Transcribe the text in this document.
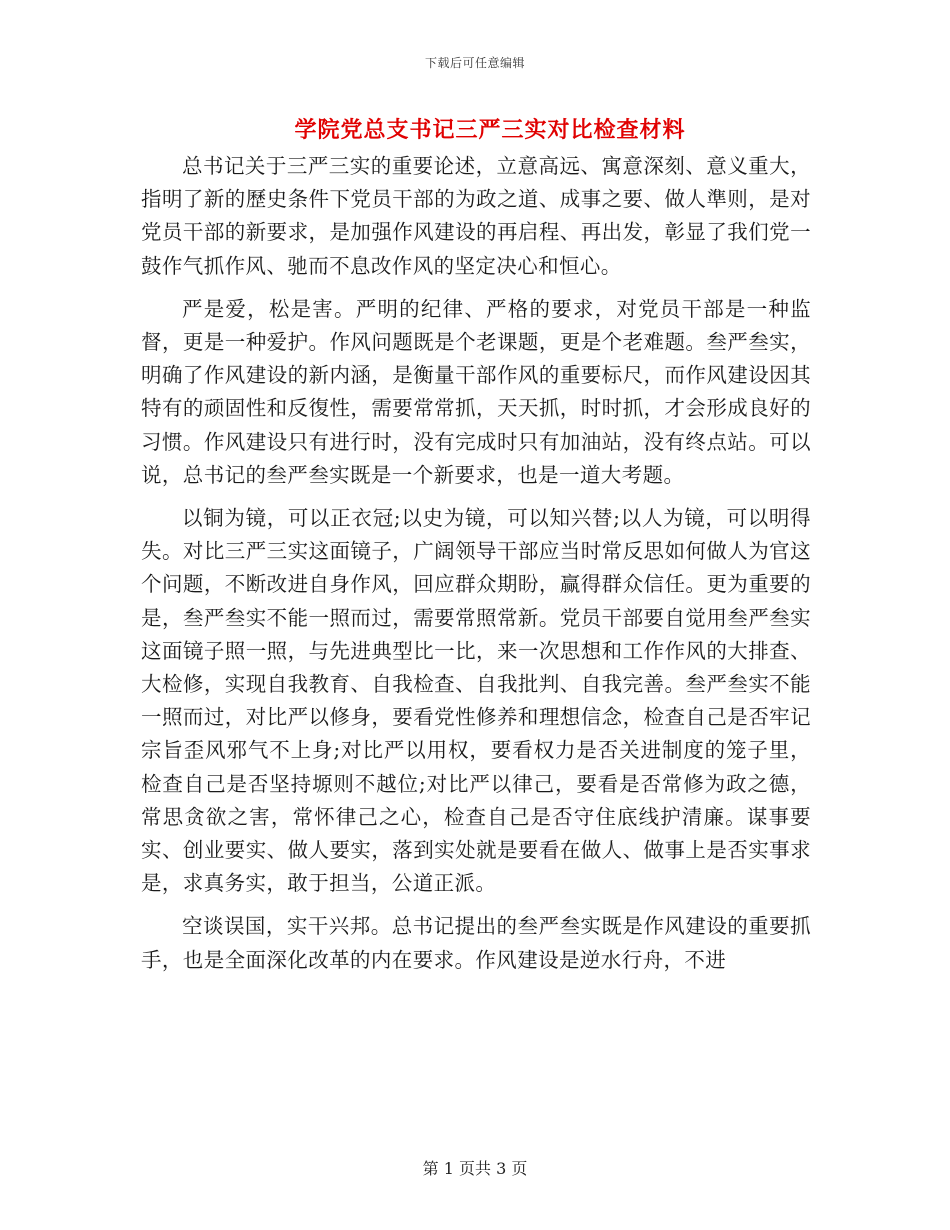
下载后可任意编辑
学院党总支书记三严三实对比检查材料

总书记关于三严三实的重要论述，立意高远、寓意深刻、意义重大，指明了新的歷史条件下党员干部的为政之道、成事之要、做人準则，是对党员干部的新要求，是加强作风建设的再启程、再出发，彰显了我们党一鼓作气抓作风、驰而不息改作风的坚定决心和恒心。

严是爱，松是害。严明的纪律、严格的要求，对党员干部是一种监督，更是一种爱护。作风问题既是个老课题，更是个老难题。叁严叁实，明确了作风建设的新内涵，是衡量干部作风的重要标尺，而作风建设因其特有的顽固性和反復性，需要常常抓，天天抓，时时抓，才会形成良好的习惯。作风建设只有进行时，没有完成时只有加油站，没有终点站。可以说，总书记的叁严叁实既是一个新要求，也是一道大考题。

以铜为镜，可以正衣冠;以史为镜，可以知兴替;以人为镜，可以明得失。对比三严三实这面镜子，广阔领导干部应当时常反思如何做人为官这个问题，不断改进自身作风，回应群众期盼，赢得群众信任。更为重要的是，叁严叁实不能一照而过，需要常照常新。党员干部要自觉用叁严叁实这面镜子照一照，与先进典型比一比，来一次思想和工作作风的大排查、大检修，实现自我教育、自我检查、自我批判、自我完善。叁严叁实不能一照而过，对比严以修身，要看党性修养和理想信念，检查自己是否牢记宗旨歪风邪气不上身;对比严以用权，要看权力是否关进制度的笼子里，检查自己是否坚持塬则不越位;对比严以律己，要看是否常修为政之德，常思贪欲之害，常怀律己之心，检查自己是否守住底线护清廉。谋事要实、创业要实、做人要实，落到实处就是要看在做人、做事上是否实事求是，求真务实，敢于担当，公道正派。

空谈误国，实干兴邦。总书记提出的叁严叁实既是作风建设的重要抓手，也是全面深化改革的内在要求。作风建设是逆水行舟，不进

第 1 页共 3 页
